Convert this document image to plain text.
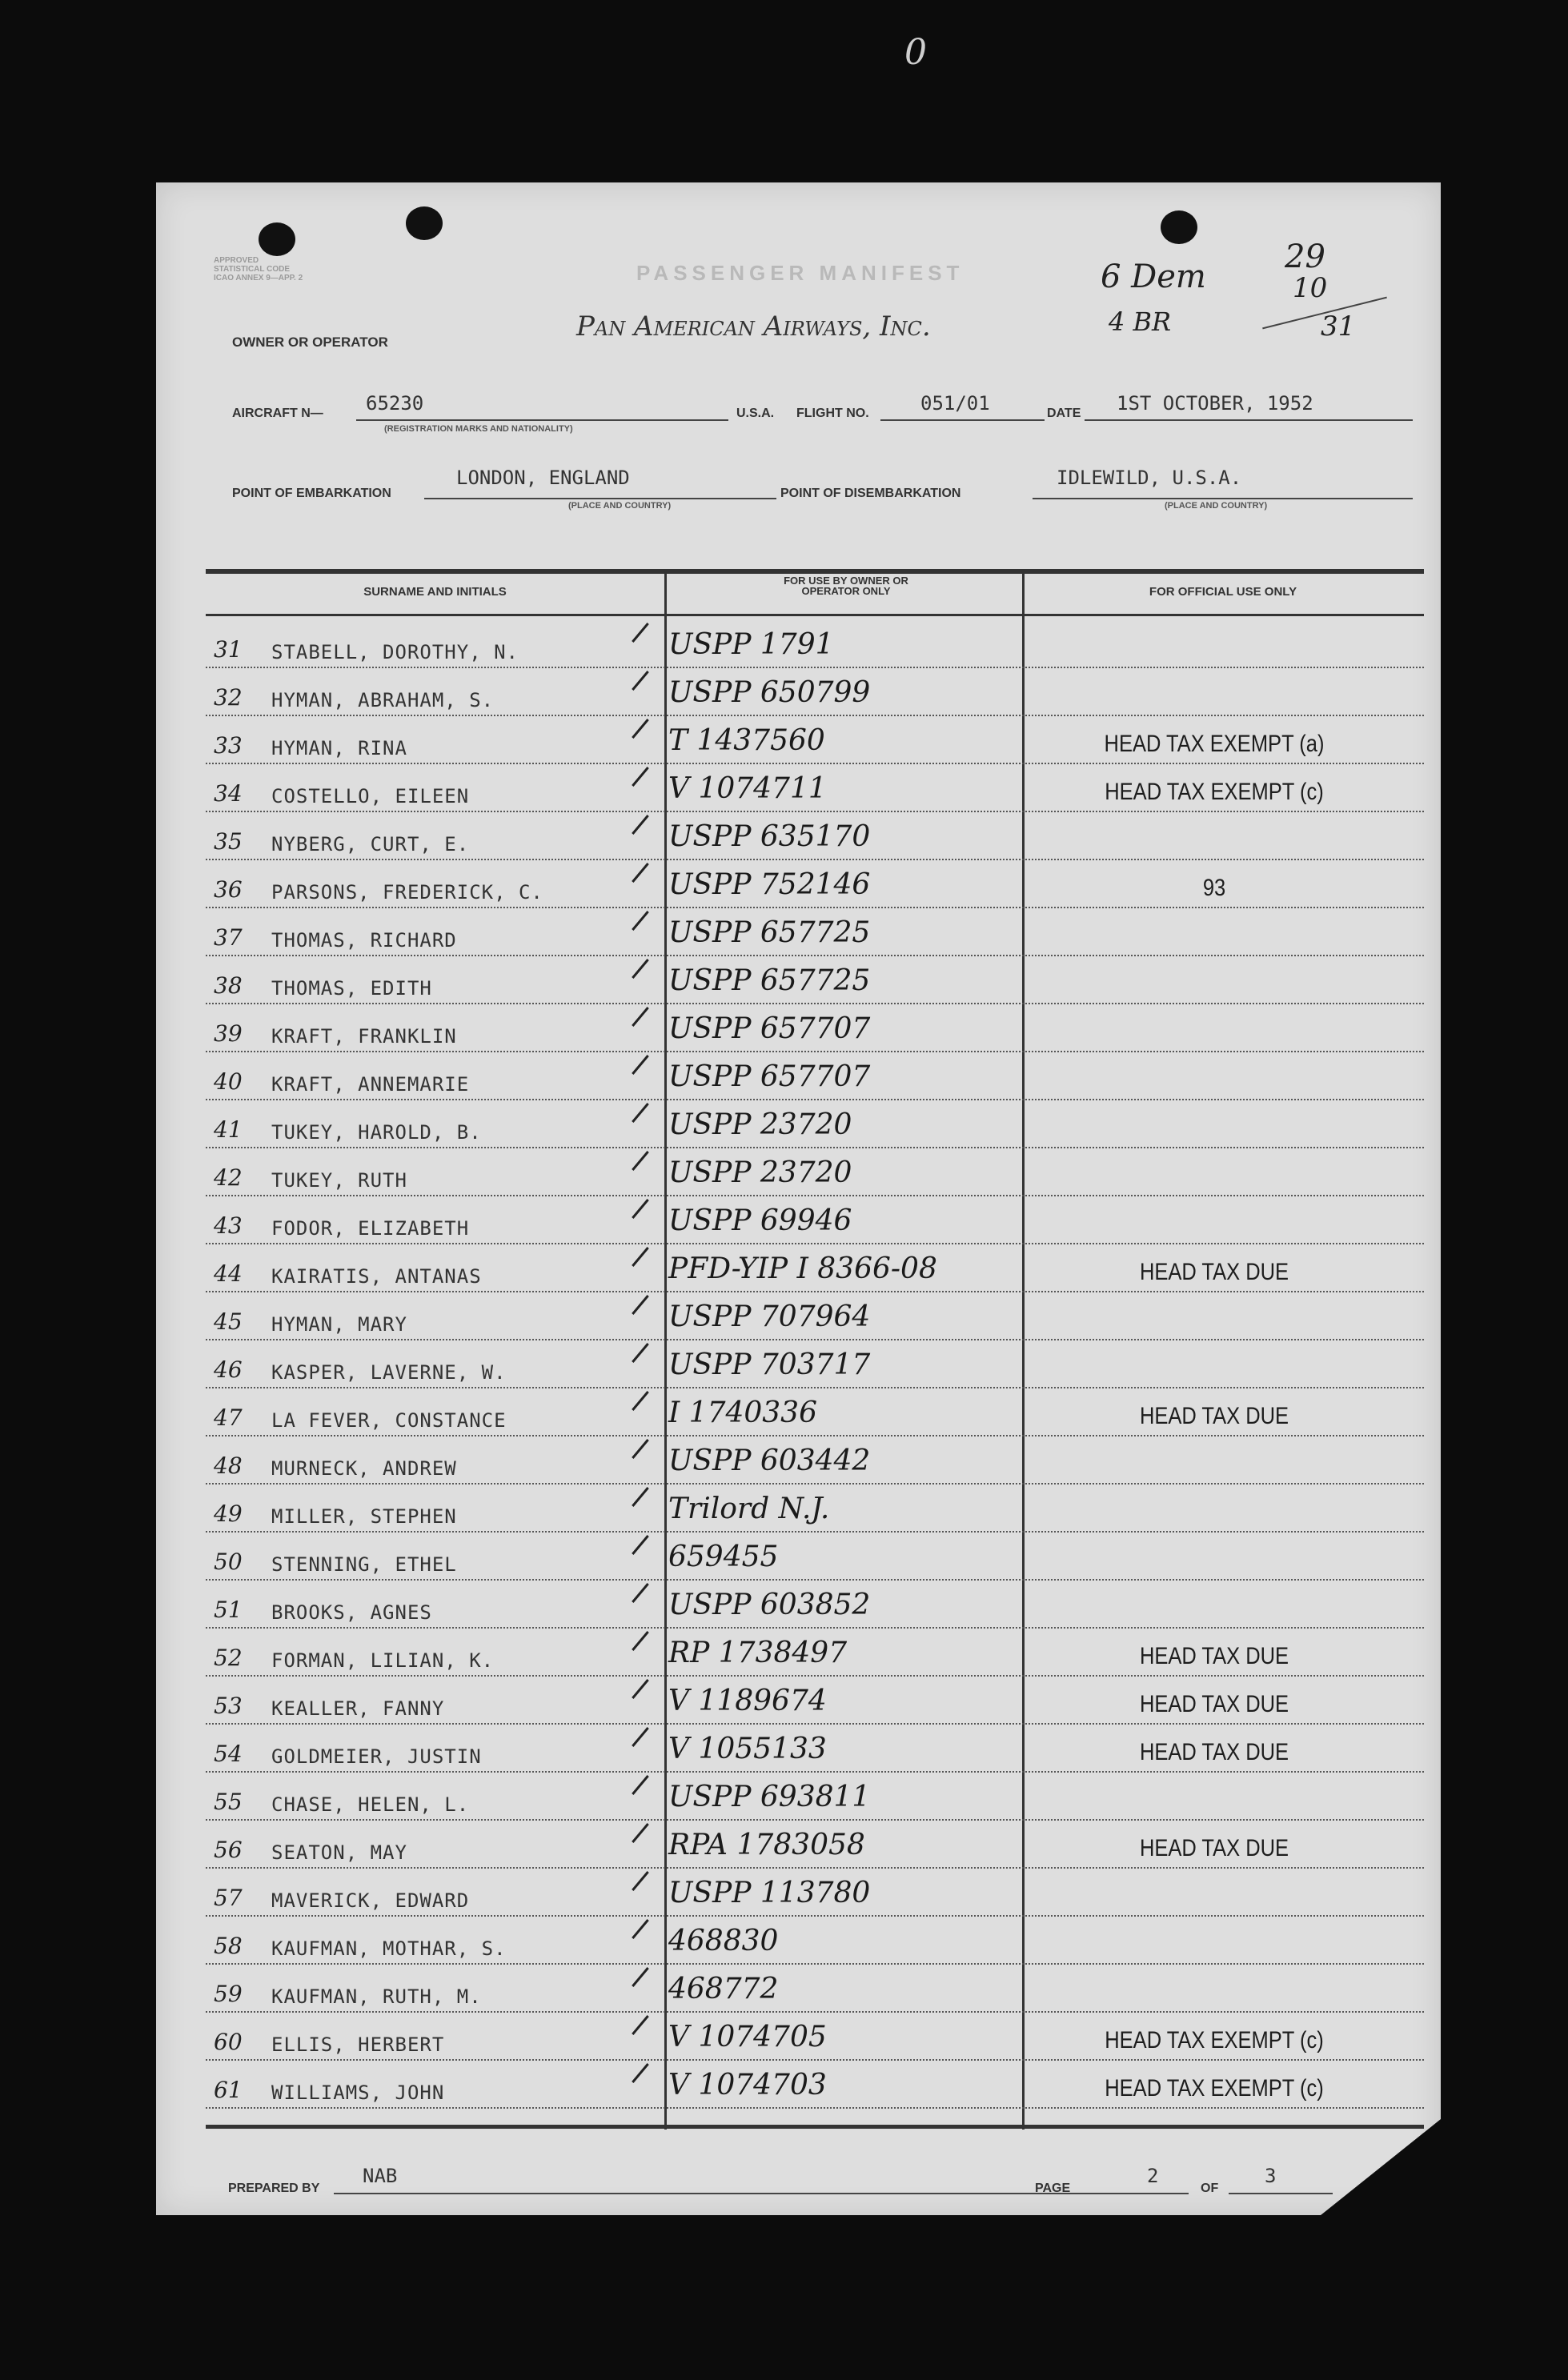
0
APPROVED
STATISTICAL CODE
ICAO ANNEX 9—APP. 2	PASSENGER MANIFEST
Pan American Airways, Inc.
OWNER OR OPERATOR
6 Dem
4 BR
29
10
31
AIRCRAFT N— 65230
(REGISTRATION MARKS AND NATIONALITY)
U.S.A. FLIGHT NO.	051/01	DATE 1ST OCTOBER, 1952
POINT OF EMBARKATION
LONDON, ENGLAND
(PLACE AND COUNTRY)
POINT OF DISEMBARKATION
IDLEWILD, U.S.A.
(PLACE AND COUNTRY)
SURNAME AND INITIALS
FOR USE BY OWNER OR OPERATOR ONLY	FOR OFFICIAL USE ONLY
31 STABELL, DOROTHY, N.	USPP 1791
32 HYMAN, ABRAHAM, S.	USPP 650799
33 HYMAN, RINA	T 1437560	HEAD TAX EXEMPT (a)
34 COSTELLO, EILEEN	V 1074711	HEAD TAX EXEMPT (c)
35 NYBERG, CURT, E.	USPP 635170
36 PARSONS, FREDERICK, C.	USPP 752146	93
37 THOMAS, RICHARD	USPP 657725
38 THOMAS, EDITH	USPP 657725
39 KRAFT, FRANKLIN	USPP 657707
40 KRAFT, ANNEMARIE	USPP 657707
41 TUKEY, HAROLD, B.	USPP 23720
42 TUKEY, RUTH	USPP 23720
43 FODOR, ELIZABETH	USPP 69946
44 KAIRATIS, ANTANAS	PFD-YIP I 8366-08	HEAD TAX DUE
45 HYMAN, MARY	USPP 707964
46 KASPER, LAVERNE, W.	USPP 703717
47 LA FEVER, CONSTANCE	I 1740336	HEAD TAX DUE
48 MURNECK, ANDREW	USPP 603442
49 MILLER, STEPHEN	Trilord N.J.
50 STENNING, ETHEL	659455
51 BROOKS, AGNES	USPP 603852
52 FORMAN, LILIAN, K.	RP 1738497	HEAD TAX DUE
53 KEALLER, FANNY	V 1189674	HEAD TAX DUE
54 GOLDMEIER, JUSTIN	V 1055133	HEAD TAX DUE
55 CHASE, HELEN, L.	USPP 693811
56 SEATON, MAY	RPA 1783058	HEAD TAX DUE
57 MAVERICK, EDWARD	USPP 113780
58 KAUFMAN, MOTHAR, S.	468830
59 KAUFMAN, RUTH, M.	468772
60 ELLIS, HERBERT	V 1074705	HEAD TAX EXEMPT (c)
61 WILLIAMS, JOHN	V 1074703	HEAD TAX EXEMPT (c)
PREPARED BY
NAB
PAGE
2
OF
3
